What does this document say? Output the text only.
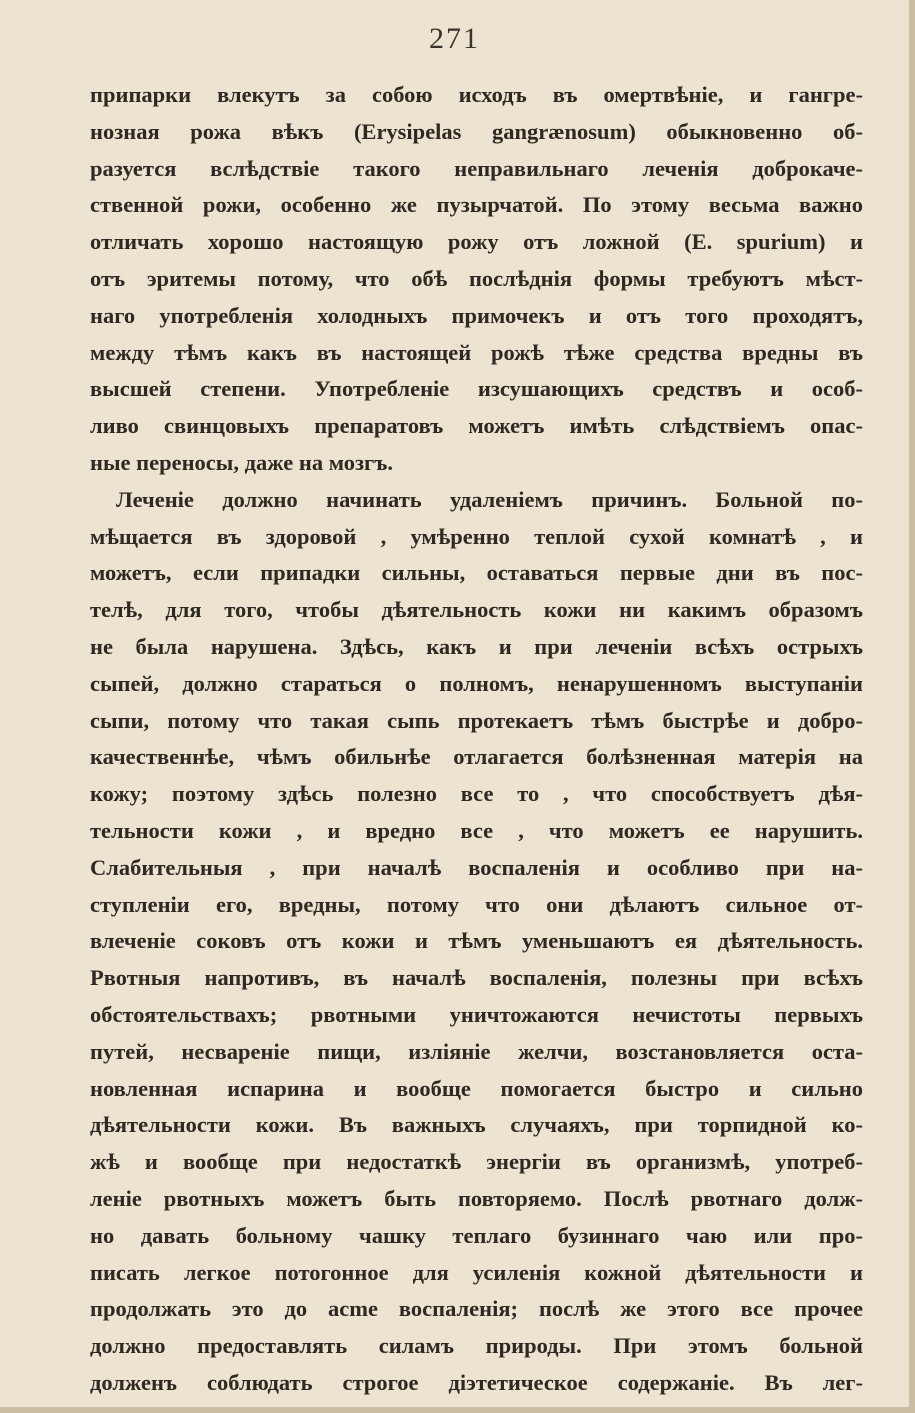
271
припарки влекутъ за собою исходъ въ омертвѣніе, и гангре-
нозная рожа вѣкъ (Erysipelas gangrænosum) обыкновенно об-
разуется вслѣдствіе такого неправильнаго леченія доброкаче-
ственной рожи, особенно же пузырчатой. По этому весьма важно
отличать хорошо настоящую рожу отъ ложной (E. spurium) и
отъ эритемы потому, что обѣ послѣднія формы требуютъ мѣст-
наго употребленія холодныхъ примочекъ и отъ того проходятъ,
между тѣмъ какъ въ настоящей рожѣ тѣже средства вредны въ
высшей степени. Употребленіе изсушающихъ средствъ и особ-
ливо свинцовыхъ препаратовъ можетъ имѣть слѣдствіемъ опас-
ные переносы, даже на мозгъ.
Леченіе должно начинать удаленіемъ причинъ. Больной по-
мѣщается въ здоровой , умѣренно теплой сухой комнатѣ , и
можетъ, если припадки сильны, оставаться первые дни въ пос-
телѣ, для того, чтобы дѣятельность кожи ни какимъ образомъ
не была нарушена. Здѣсь, какъ и при леченіи всѣхъ острыхъ
сыпей, должно стараться о полномъ, ненарушенномъ выступаніи
сыпи, потому что такая сыпь протекаетъ тѣмъ быстрѣе и добро-
качественнѣе, чѣмъ обильнѣе отлагается болѣзненная матерія на
кожу; поэтому здѣсь полезно все то , что способствуетъ дѣя-
тельности кожи , и вредно все , что можетъ ее нарушить.
Слабительныя , при началѣ воспаленія и особливо при на-
ступленіи его, вредны, потому что они дѣлаютъ сильное от-
влеченіе соковъ отъ кожи и тѣмъ уменьшаютъ ея дѣятельность.
Рвотныя напротивъ, въ началѣ воспаленія, полезны при всѣхъ
обстоятельствахъ; рвотными уничтожаются нечистоты первыхъ
путей, несвареніе пищи, изліяніе желчи, возстановляется оста-
новленная испарина и вообще помогается быстро и сильно
дѣятельности кожи. Въ важныхъ случаяхъ, при торпидной ко-
жѣ и вообще при недостаткѣ энергіи въ организмѣ, употреб-
леніе рвотныхъ можетъ быть повторяемо. Послѣ рвотнаго долж-
но давать больному чашку теплаго бузиннаго чаю или про-
писать легкое потогонное для усиленія кожной дѣятельности и
продолжать это до acme воспаленія; послѣ же этого все прочее
должно предоставлять силамъ природы. При этомъ больной
долженъ соблюдать строгое діэтетическое содержаніе. Въ лег-
